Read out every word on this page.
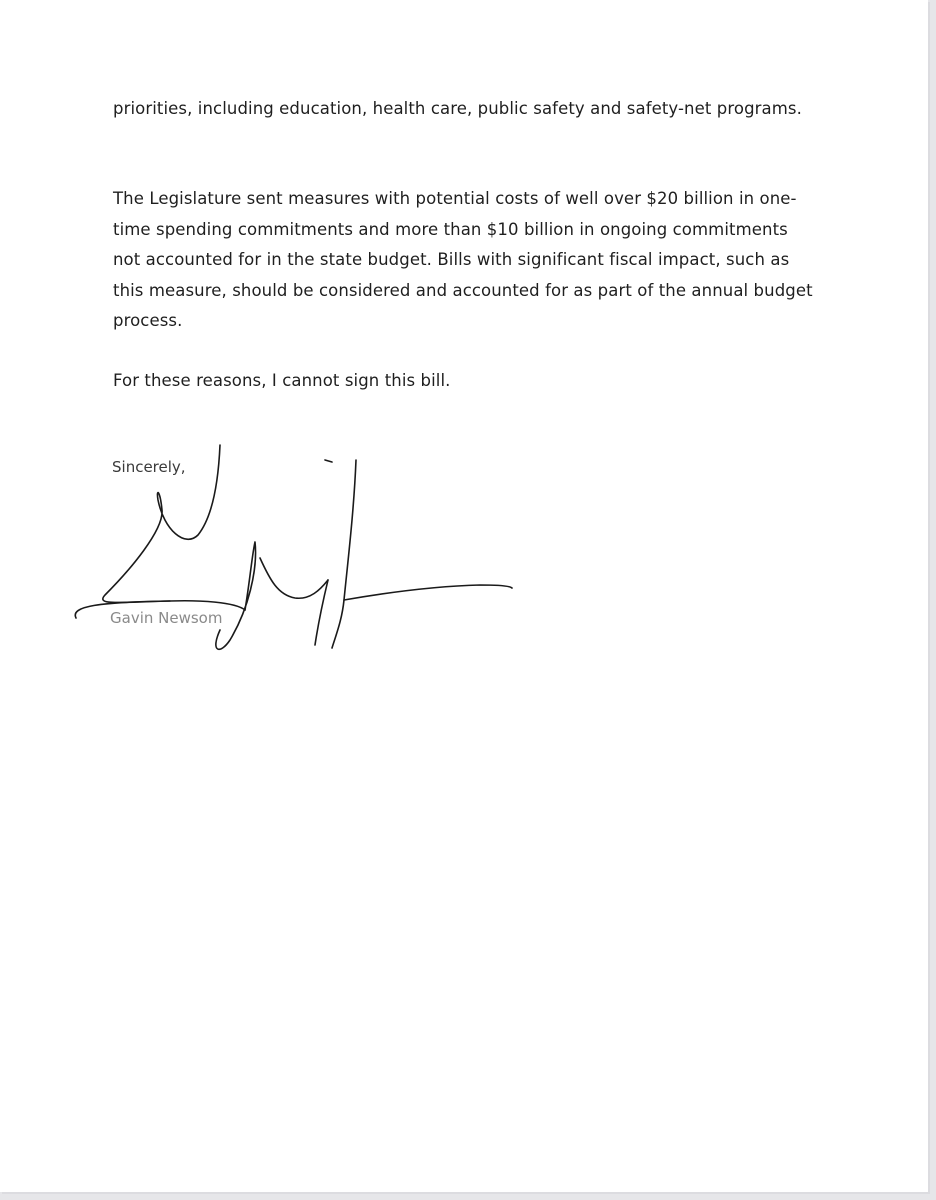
priorities, including education, health care, public safety and safety-net programs.

The Legislature sent measures with potential costs of well over $20 billion in one-time spending commitments and more than $10 billion in ongoing commitments not accounted for in the state budget. Bills with significant fiscal impact, such as this measure, should be considered and accounted for as part of the annual budget process.

For these reasons, I cannot sign this bill.

Sincerely,

Gavin Newsom
